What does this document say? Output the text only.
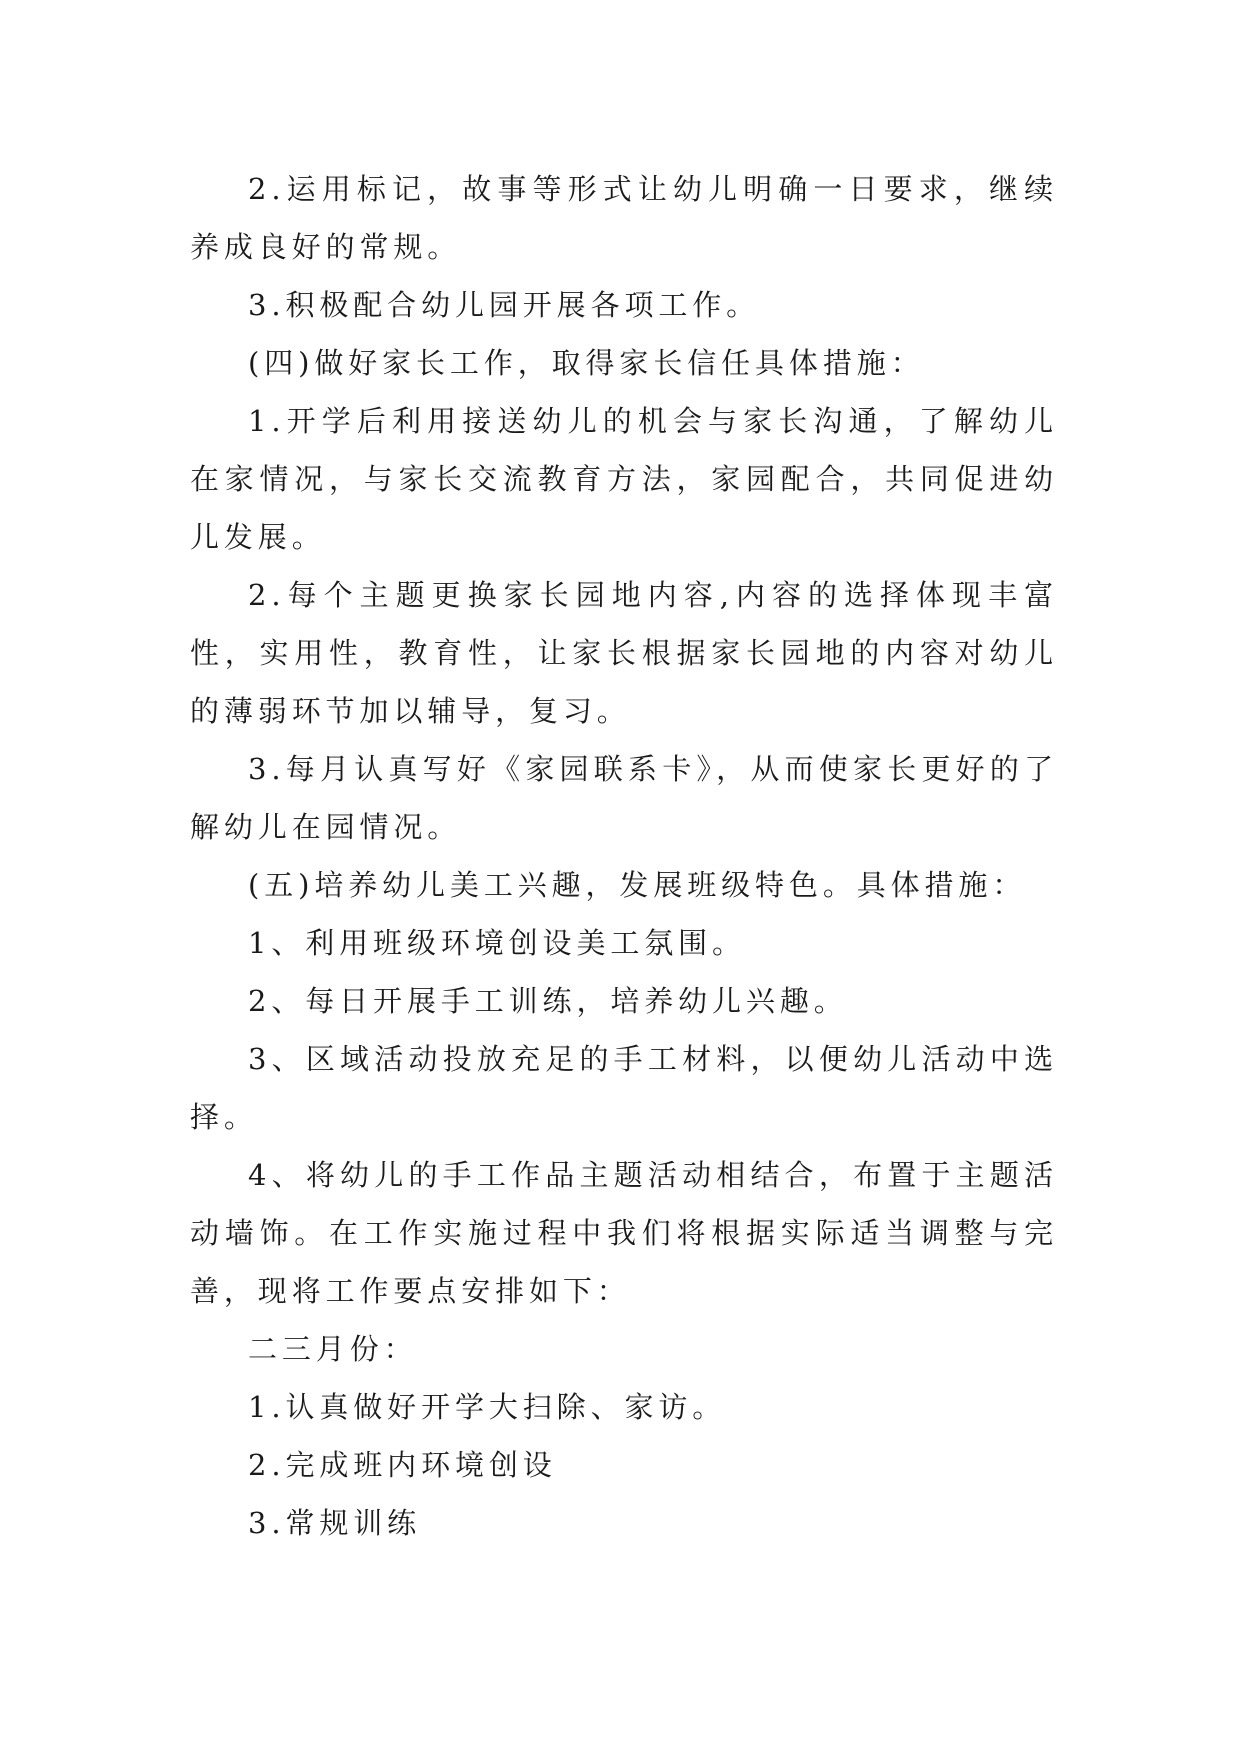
2.运用标记，故事等形式让幼儿明确一日要求，继续养成良好的常规。

3.积极配合幼儿园开展各项工作。

(四)做好家长工作，取得家长信任具体措施：

1.开学后利用接送幼儿的机会与家长沟通，了解幼儿在家情况，与家长交流教育方法，家园配合，共同促进幼儿发展。

2.每个主题更换家长园地内容,内容的选择体现丰富性，实用性，教育性，让家长根据家长园地的内容对幼儿的薄弱环节加以辅导，复习。

3.每月认真写好《家园联系卡》，从而使家长更好的了解幼儿在园情况。

(五)培养幼儿美工兴趣，发展班级特色。具体措施：

1、利用班级环境创设美工氛围。

2、每日开展手工训练，培养幼儿兴趣。

3、区域活动投放充足的手工材料，以便幼儿活动中选择。

4、将幼儿的手工作品主题活动相结合，布置于主题活动墙饰。在工作实施过程中我们将根据实际适当调整与完善，现将工作要点安排如下：

二三月份：

1.认真做好开学大扫除、家访。

2.完成班内环境创设

3.常规训练
